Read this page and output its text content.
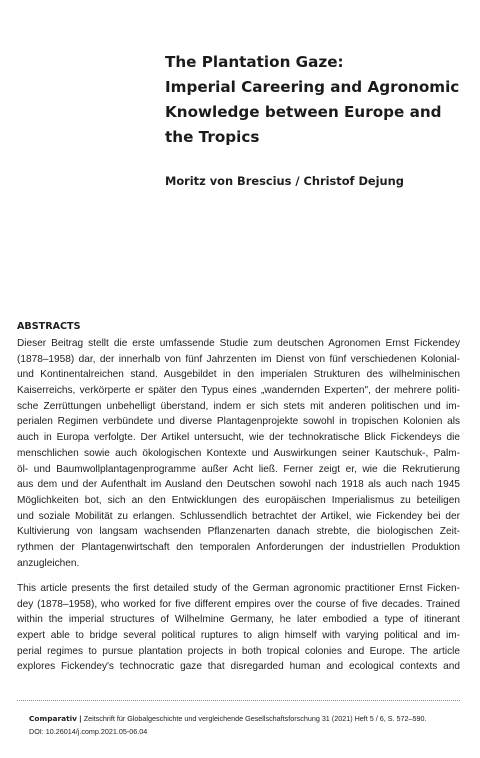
The Plantation Gaze:
Imperial Careering and Agronomic
Knowledge between Europe and
the Tropics

Moritz von Brescius / Christof Dejung

ABSTRACTS

Dieser Beitrag stellt die erste umfassende Studie zum deutschen Agronomen Ernst Fickendey
(1878–1958) dar, der innerhalb von fünf Jahrzenten im Dienst von fünf verschiedenen Kolonial-
und Kontinentalreichen stand. Ausgebildet in den imperialen Strukturen des wilhelminischen
Kaiserreichs, verkörperte er später den Typus eines „wandernden Experten", der mehrere politi-
sche Zerrüttungen unbehelligt überstand, indem er sich stets mit anderen politischen und im-
perialen Regimen verbündete und diverse Plantagenprojekte sowohl in tropischen Kolonien als
auch in Europa verfolgte. Der Artikel untersucht, wie der technokratische Blick Fickendeys die
menschlichen sowie auch ökologischen Kontexte und Auswirkungen seiner Kautschuk-, Palm-
öl- und Baumwollplantagenprogramme außer Acht ließ. Ferner zeigt er, wie die Rekrutierung
aus dem und der Aufenthalt im Ausland den Deutschen sowohl nach 1918 als auch nach 1945
Möglichkeiten bot, sich an den Entwicklungen des europäischen Imperialismus zu beteiligen
und soziale Mobilität zu erlangen. Schlussendlich betrachtet der Artikel, wie Fickendey bei der
Kultivierung von langsam wachsenden Pflanzenarten danach strebte, die biologischen Zeit-
rythmen der Plantagenwirtschaft den temporalen Anforderungen der industriellen Produktion
anzugleichen.

This article presents the first detailed study of the German agronomic practitioner Ernst Ficken-
dey (1878–1958), who worked for five different empires over the course of five decades. Trained
within the imperial structures of Wilhelmine Germany, he later embodied a type of itinerant
expert able to bridge several political ruptures to align himself with varying political and im-
perial regimes to pursue plantation projects in both tropical colonies and Europe. The article
explores Fickendey's technocratic gaze that disregarded human and ecological contexts and

Comparativ | Zeitschrift für Globalgeschichte und vergleichende Gesellschaftsforschung 31 (2021) Heft 5 / 6, S. 572–590.
DOI: 10.26014/j.comp.2021.05-06.04
